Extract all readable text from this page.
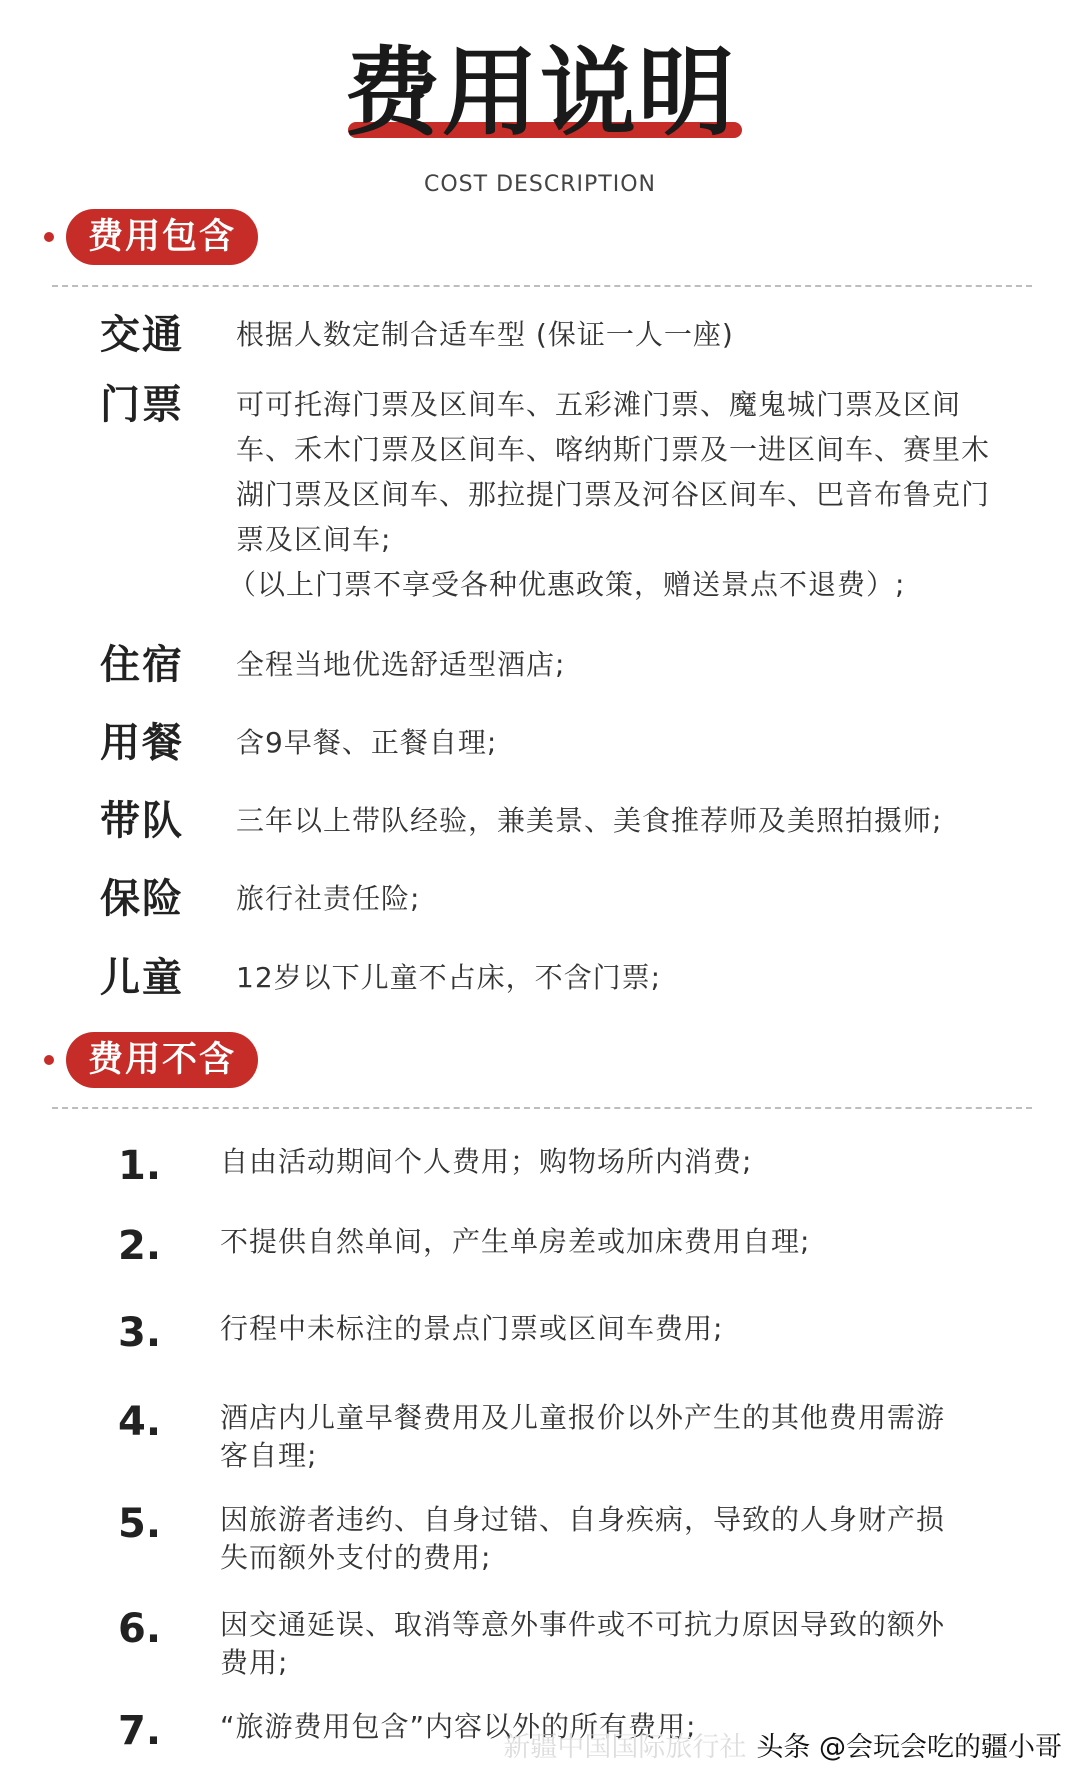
费用说明
COST DESCRIPTION
费用包含
交通	根据人数定制合适车型 (保证一人一座)

门票	可可托海门票及区间车、五彩滩门票、魔鬼城门票及区间车、禾木门票及区间车、喀纳斯门票及一进区间车、赛里木湖门票及区间车、那拉提门票及河谷区间车、巴音布鲁克门票及区间车;

（以上门票不享受各种优惠政策，赠送景点不退费）;

住宿	全程当地优选舒适型酒店;

用餐	含9早餐、正餐自理;

带队	三年以上带队经验，兼美景、美食推荐师及美照拍摄师;

保险	旅行社责任险;

儿童	12岁以下儿童不占床，不含门票;

费用不含
1.	自由活动期间个人费用；购物场所内消费;
2.	不提供自然单间，产生单房差或加床费用自理;
3.	行程中未标注的景点门票或区间车费用;
4.	酒店内儿童早餐费用及儿童报价以外产生的其他费用需游客自理;
5.	因旅游者违约、自身过错、自身疾病，导致的人身财产损失而额外支付的费用;
6.	因交通延误、取消等意外事件或不可抗力原因导致的额外费用;
7.	“旅游费用包含”内容以外的所有费用;
新疆中国国际旅行社 头条 @会玩会吃的疆小哥
